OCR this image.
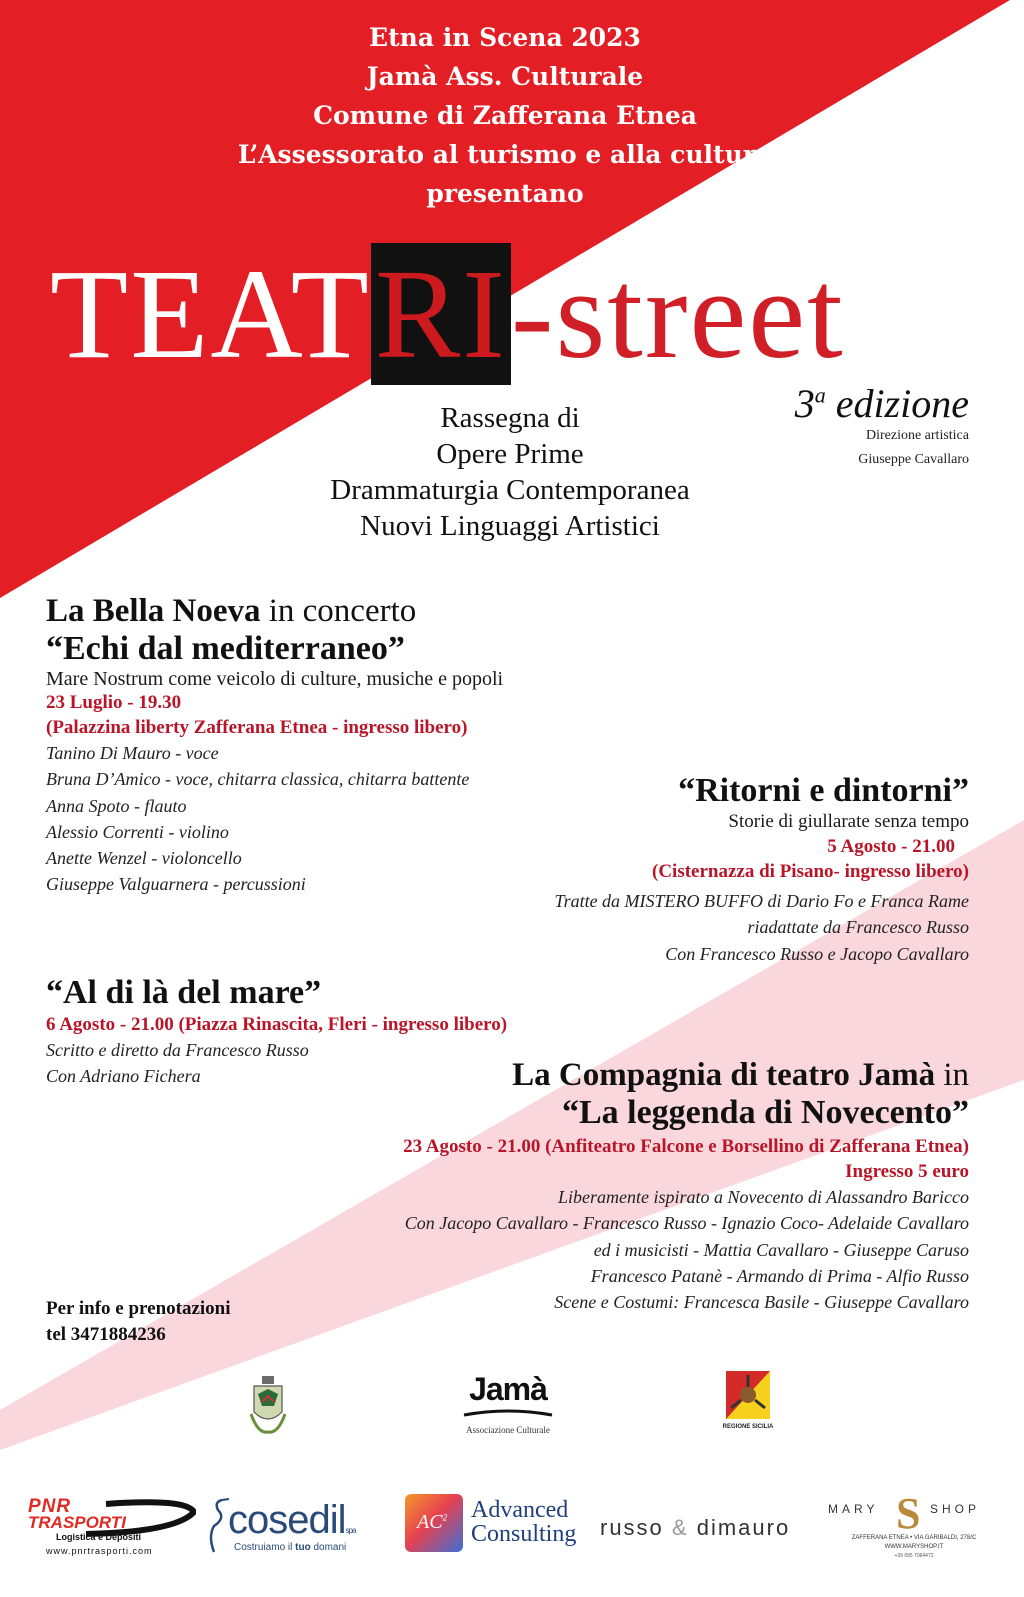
Etna in Scena 2023
Jamà Ass. Culturale
Comune di Zafferana Etnea
L’Assessorato al turismo e alla cultura
presentano
TEATRI-street
3$^a$ edizione
Direzione artistica
Giuseppe Cavallaro
Rassegna di
Opere Prime
Drammaturgia Contemporanea
Nuovi Linguaggi Artistici
La Bella Noeva in concerto
“Echi dal mediterraneo”
Mare Nostrum come veicolo di culture, musiche e popoli
23 Luglio - 19.30
(Palazzina liberty Zafferana Etnea - ingresso libero)
Tanino Di Mauro - voce
Bruna D’Amico - voce, chitarra classica, chitarra battente
Anna Spoto - flauto
Alessio Correnti - violino
Anette Wenzel - violoncello
Giuseppe Valguarnera - percussioni
“Ritorni e dintorni”
Storie di giullarate senza tempo
5 Agosto - 21.00
(Cisternazza di Pisano- ingresso libero)
Tratte da MISTERO BUFFO di Dario Fo e Franca Rame
riadattate da Francesco Russo
Con Francesco Russo e Jacopo Cavallaro
“Al di là del mare”
6 Agosto - 21.00 (Piazza Rinascita, Fleri - ingresso libero)
Scritto e diretto da Francesco Russo
Con Adriano Fichera	La Compagnia di teatro Jamà in
“La leggenda di Novecento”
23 Agosto - 21.00 (Anfiteatro Falcone e Borsellino di Zafferana Etnea)
Ingresso 5 euro
Liberamente ispirato a Novecento di Alassandro Baricco
Con Jacopo Cavallaro - Francesco Russo - Ignazio Coco- Adelaide Cavallaro
ed i musicisti - Mattia Cavallaro - Giuseppe Caruso
Francesco Patanè - Armando di Prima - Alfio Russo
Scene e Costumi: Francesca Basile - Giuseppe Cavallaro
Per info e prenotazioni
tel 3471884236
Jamà
Associazione Culturale	REGIONE SICILIA
PNR
TRASPORTI
Logistica e Depositi
www.pnrtrasporti.com
cosedilspa
Costruiamo il tuo domani
$AC^2$ Advanced
Consulting russo & dimauro
MARY S SHOP
ZAFFERANA ETNEA • VIA GARIBALDI, 278/C
WWW.MARYSHOP.IT
+39 095 7064472
